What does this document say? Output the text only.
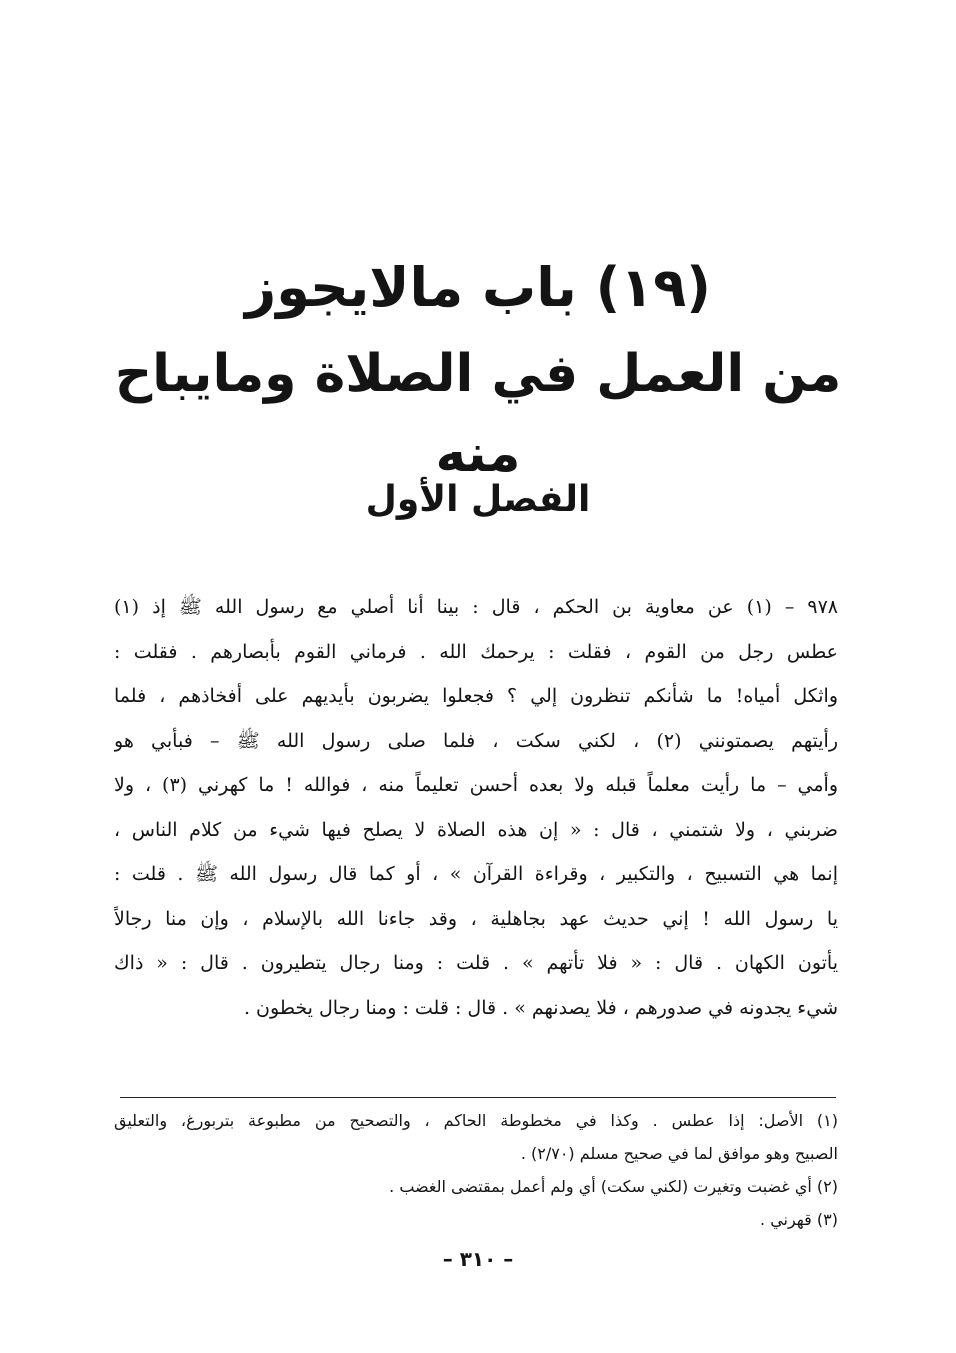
(١٩) باب مالايجوز
من العمل في الصلاة ومايباح منه
الفصل الأول
٩٧٨ – (١) عن معاوية بن الحكم ، قال : بينا أنا أصلي مع رسول الله ﷺ إذ (١)
عطس رجل من القوم ، فقلت : يرحمك الله . فرماني القوم بأبصارهم . فقلت :
واثكل أمياه! ما شأنكم تنظرون إلي ؟ فجعلوا يضربون بأيديهم على أفخاذهم ، فلما
رأيتهم يصمتونني (٢) ، لكني سكت ، فلما صلى رسول الله ﷺ – فبأبي هو
وأمي – ما رأيت معلماً قبله ولا بعده أحسن تعليماً منه ، فوالله ! ما كهرني (٣) ، ولا
ضربني ، ولا شتمني ، قال : « إن هذه الصلاة لا يصلح فيها شيء من كلام الناس ،
إنما هي التسبيح ، والتكبير ، وقراءة القرآن » ، أو كما قال رسول الله ﷺ . قلت :
يا رسول الله ! إني حديث عهد بجاهلية ، وقد جاءنا الله بالإسلام ، وإن منا رجالاً
يأتون الكهان . قال : « فلا تأتهم » . قلت : ومنا رجال يتطيرون . قال : « ذاك
شيء يجدونه في صدورهم ، فلا يصدنهم » . قال : قلت : ومنا رجال يخطون .
(١) الأصل: إذا عطس . وكذا في مخطوطة الحاكم ، والتصحيح من مطبوعة بتربورغ، والتعليق
الصبيح وهو موافق لما في صحيح مسلم (٢/٧٠) .
(٢) أي غضبت وتغيرت (لكني سكت) أي ولم أعمل بمقتضى الغضب .
(٣) قهرني .
– ٣١٠ –
